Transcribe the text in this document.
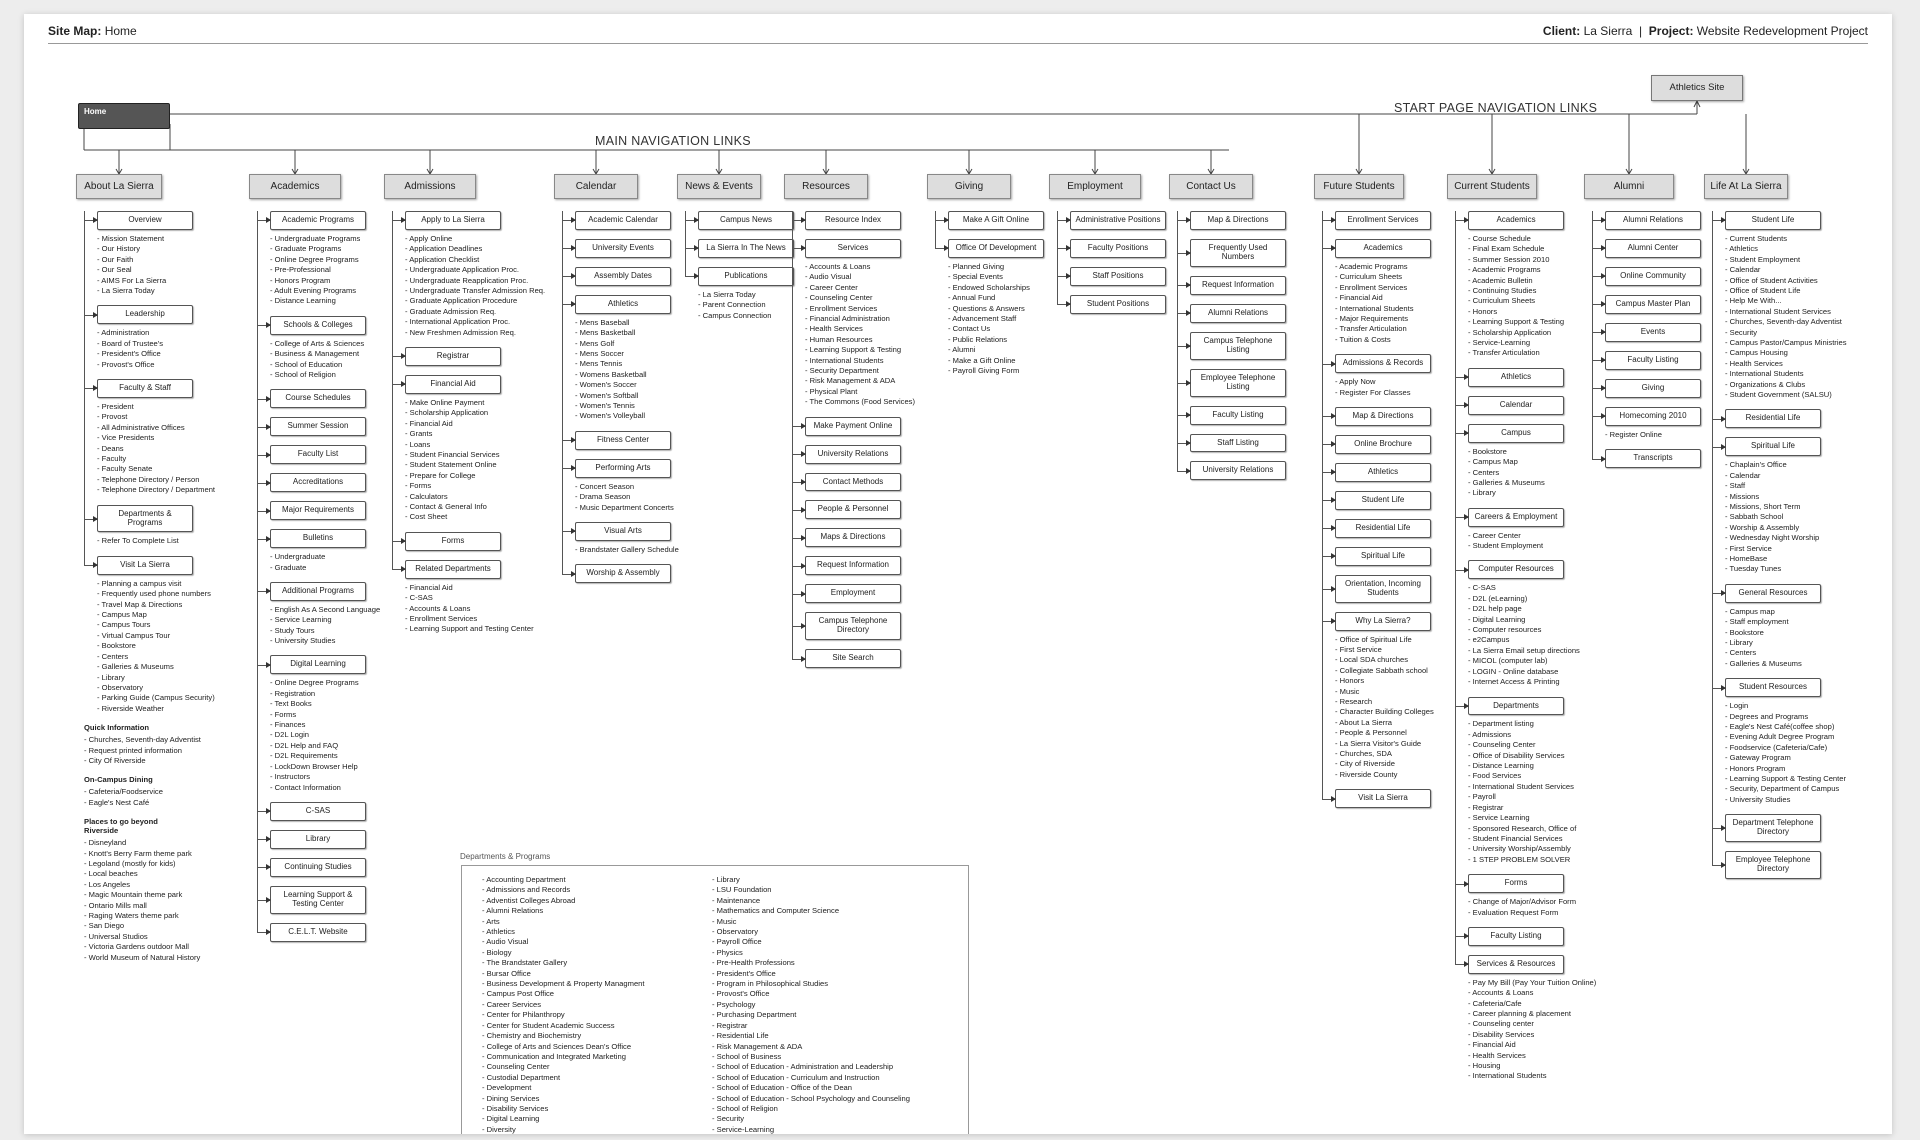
Site Map: Home	Client: La Sierra | Project: Website Redevelopment Project
Home
Athletics Site
MAIN NAVIGATION LINKS
START PAGE NAVIGATION LINKS
About La Sierra
Overview
- Mission Statement
- Our History
- Our Faith
- Our Seal
- AIMS For La Sierra
- La Sierra Today
Leadership
- Administration
- Board of Trustee's
- President's Office
- Provost's Office
Faculty & Staff
- President
- Provost
- All Administrative Offices
- Vice Presidents
- Deans
- Faculty
- Faculty Senate
- Telephone Directory / Person
- Telephone Directory / Department
Departments & Programs
- Refer To Complete List
Visit La Sierra
- Planning a campus visit
- Frequently used phone numbers
- Travel Map & Directions
- Campus Map
- Campus Tours
- Virtual Campus Tour
- Bookstore
- Centers
- Galleries & Museums
- Library
- Observatory
- Parking Guide (Campus Security)
- Riverside Weather
Quick Information
- Churches, Seventh-day Adventist
- Request printed information
- City Of Riverside
On-Campus Dining
- Cafeteria/Foodservice
- Eagle's Nest Café
Places to go beyond Riverside
- Disneyland
- Knott's Berry Farm theme park
- Legoland (mostly for kids)
- Local beaches
- Los Angeles
- Magic Mountain theme park
- Ontario Mills mall
- Raging Waters theme park
- San Diego
- Universal Studios
- Victoria Gardens outdoor Mall
- World Museum of Natural History
Academics
Academic Programs
- Undergraduate Programs
- Graduate Programs
- Online Degree Programs
- Pre-Professional
- Honors Program
- Adult Evening Programs
- Distance Learning
Schools & Colleges
- College of Arts & Sciences
- Business & Management
- School of Education
- School of Religion
Course Schedules
Summer Session
Faculty List
Accreditations
Major Requirements
Bulletins
- Undergraduate
- Graduate
Additional Programs
- English As A Second Language
- Service Learning
- Study Tours
- University Studies
Digital Learning
- Online Degree Programs
- Registration
- Text Books
- Forms
- Finances
- D2L Login
- D2L Help and FAQ
- D2L Requirements
- LockDown Browser Help
- Instructors
- Contact Information
C-SAS
Library
Continuing Studies
Learning Support & Testing Center
C.E.L.T. Website
Admissions
Apply to La Sierra
- Apply Online
- Application Deadlines
- Application Checklist
- Undergraduate Application Proc.
- Undergraduate Reapplication Proc.
- Undergraduate Transfer Admission Req.
- Graduate Application Procedure
- Graduate Admission Req.
- International Application Proc.
- New Freshmen Admission Req.
Registrar
Financial Aid
- Make Online Payment
- Scholarship Application
- Financial Aid
- Grants
- Loans
- Student Financial Services
- Student Statement Online
- Prepare for College
- Forms
- Calculators
- Contact & General Info
- Cost Sheet
Forms
Related Departments
- Financial Aid
- C-SAS
- Accounts & Loans
- Enrollment Services
- Learning Support and Testing Center
Calendar
Academic Calendar
University Events
Assembly Dates
Athletics
- Mens Baseball
- Mens Basketball
- Mens Golf
- Mens Soccer
- Mens Tennis
- Womens Basketball
- Women's Soccer
- Women's Softball
- Women's Tennis
- Women's Volleyball
Fitness Center
Performing Arts
- Concert Season
- Drama Season
- Music Department Concerts
Visual Arts
- Brandstater Gallery Schedule
Worship & Assembly
News & Events
Campus News
La Sierra In The News
Publications
- La Sierra Today
- Parent Connection
- Campus Connection
Resources
Resource Index
Services
- Accounts & Loans
- Audio Visual
- Career Center
- Counseling Center
- Enrollment Services
- Financial Administration
- Health Services
- Human Resources
- Learning Support & Testing
- International Students
- Security Department
- Risk Management & ADA
- Physical Plant
- The Commons (Food Services)
Make Payment Online
University Relations
Contact Methods
People & Personnel
Maps & Directions
Request Information
Employment
Campus Telephone Directory
Site Search
Giving
Make A Gift Online
Office Of Development
- Planned Giving
- Special Events
- Endowed Scholarships
- Annual Fund
- Questions & Answers
- Advancement Staff
- Contact Us
- Public Relations
- Alumni
- Make a Gift Online
- Payroll Giving Form
Employment
Administrative Positions
Faculty Positions
Staff Positions
Student Positions
Contact Us
Map & Directions
Frequently Used Numbers
Request Information
Alumni Relations
Campus Telephone Listing
Employee Telephone Listing
Faculty Listing
Staff Listing
University Relations
Future Students
Enrollment Services
Academics
- Academic Programs
- Curriculum Sheets
- Enrollment Services
- Financial Aid
- International Students
- Major Requirements
- Transfer Articulation
- Tuition & Costs
Admissions & Records
- Apply Now
- Register For Classes
Map & Directions
Online Brochure
Athletics
Student Life
Residential Life
Spiritual Life
Orientation, Incoming Students
Why La Sierra?
- Office of Spiritual Life
- First Service
- Local SDA churches
- Collegiate Sabbath school
- Honors
- Music
- Research
- Character Building Colleges
- About La Sierra
- People & Personnel
- La Sierra Visitor's Guide
- Churches, SDA
- City of Riverside
- Riverside County
Visit La Sierra
Current Students
Academics
- Course Schedule
- Final Exam Schedule
- Summer Session 2010
- Academic Programs
- Academic Bulletin
- Continuing Studies
- Curriculum Sheets
- Honors
- Learning Support & Testing
- Scholarship Application
- Service-Learning
- Transfer Articulation
Athletics
Calendar
Campus
- Bookstore
- Campus Map
- Centers
- Galleries & Museums
- Library
Careers & Employment
- Career Center
- Student Employment
Computer Resources
- C-SAS
- D2L (eLearning)
- D2L help page
- Digital Learning
- Computer resources
- e2Campus
- La Sierra Email setup directions
- MICOL (computer lab)
- LOGIN - Online database
- Internet Access & Printing
Departments
- Department listing
- Admissions
- Counseling Center
- Office of Disability Services
- Distance Learning
- Food Services
- International Student Services
- Payroll
- Registrar
- Service Learning
- Sponsored Research, Office of
- Student Financial Services
- University Worship/Assembly
- 1 STEP PROBLEM SOLVER
Forms
- Change of Major/Advisor Form
- Evaluation Request Form
Faculty Listing
Services & Resources
- Pay My Bill (Pay Your Tuition Online)
- Accounts & Loans
- Cafeteria/Cafe
- Career planning & placement
- Counseling center
- Disability Services
- Financial Aid
- Health Services
- Housing
- International Students
Alumni
Alumni Relations
Alumni Center
Online Community
Campus Master Plan
Events
Faculty Listing
Giving
Homecoming 2010
- Register Online
Transcripts
Life At La Sierra
Student Life
- Current Students
- Athletics
- Student Employment
- Calendar
- Office of Student Activities
- Office of Student Life
- Help Me With...
- International Student Services
- Churches, Seventh-day Adventist
- Security
- Campus Pastor/Campus Ministries
- Campus Housing
- Health Services
- International Students
- Organizations & Clubs
- Student Government (SALSU)
Residential Life
Spiritual Life
- Chaplain's Office
- Calendar
- Staff
- Missions
- Missions, Short Term
- Sabbath School
- Worship & Assembly
- Wednesday Night Worship
- First Service
- HomeBase
- Tuesday Tunes
General Resources
- Campus map
- Staff employment
- Bookstore
- Library
- Centers
- Galleries & Museums
Student Resources
- Login
- Degrees and Programs
- Eagle's Nest Café(coffee shop)
- Evening Adult Degree Program
- Foodservice (Cafeteria/Cafe)
- Gateway Program
- Honors Program
- Learning Support & Testing Center
- Security, Department of Campus
- University Studies
Department Telephone Directory
Employee Telephone Directory
Departments & Programs
- Accounting Department
- Admissions and Records
- Adventist Colleges Abroad
- Alumni Relations
- Arts
- Athletics
- Audio Visual
- Biology
- The Brandstater Gallery
- Bursar Office
- Business Development & Property Managment
- Campus Post Office
- Career Services
- Center for Philanthropy
- Center for Student Academic Success
- Chemistry and Biochemistry
- College of Arts and Sciences Dean's Office
- Communication and Integrated Marketing
- Counseling Center
- Custodial Department
- Development
- Dining Services
- Disability Services
- Digital Learning
- Diversity
- Library
- LSU Foundation
- Maintenance
- Mathematics and Computer Science
- Music
- Observatory
- Payroll Office
- Physics
- Pre-Health Professions
- President's Office
- Program in Philosophical Studies
- Provost's Office
- Psychology
- Purchasing Department
- Registrar
- Residential Life
- Risk Management & ADA
- School of Business
- School of Education - Administration and Leadership
- School of Education - Curriculum and Instruction
- School of Education - Office of the Dean
- School of Education - School Psychology and Counseling
- School of Religion
- Security
- Service-Learning
